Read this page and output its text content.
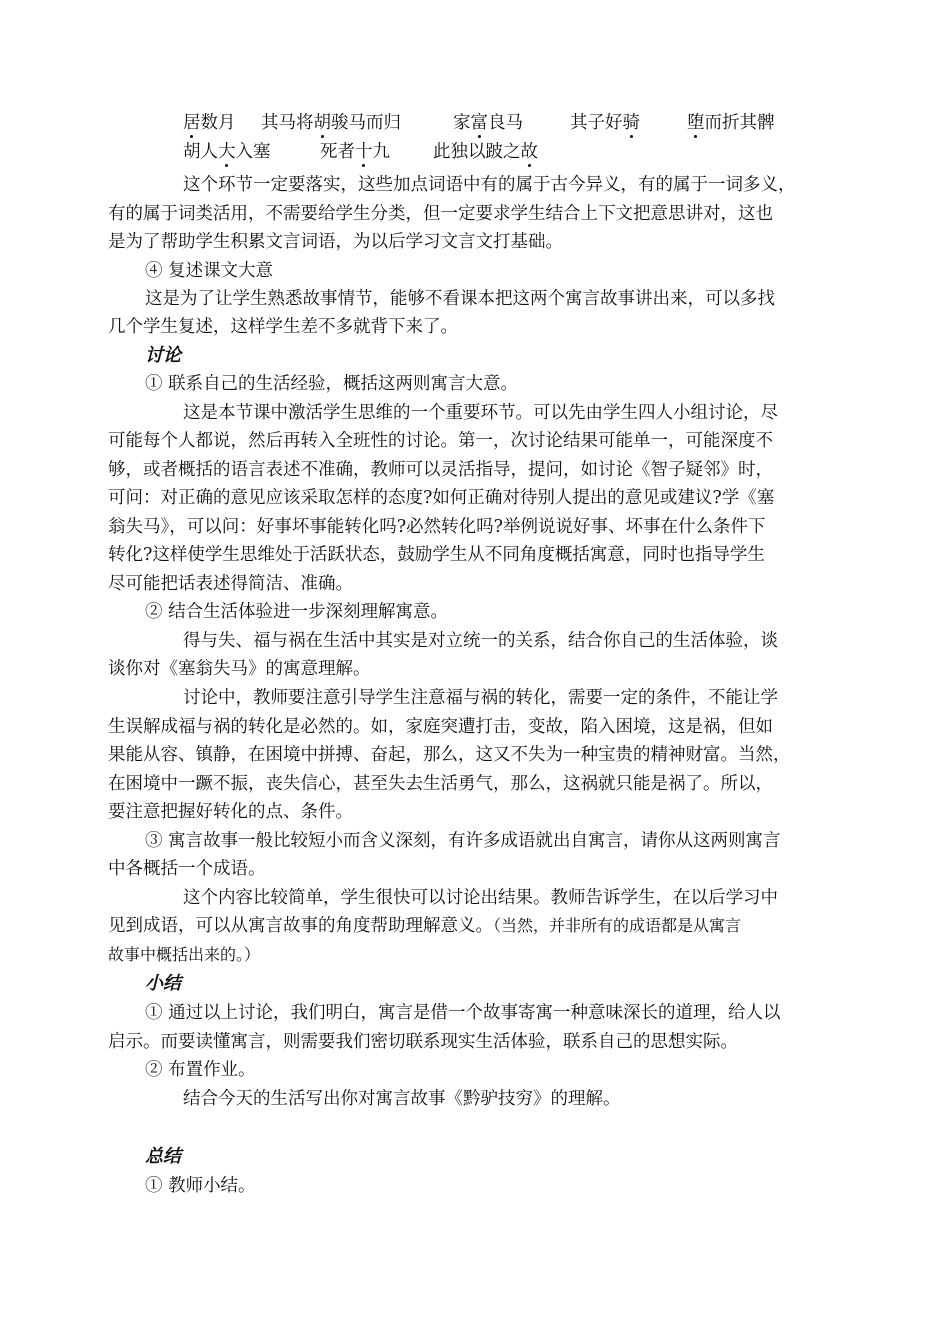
居数月 其马将胡骏马而归	家富良马	其子好骑	堕而折其髀
胡人大入塞	死者十九 此独以跛之故
这个环节一定要落实，这些加点词语中有的属于古今异义，有的属于一词多义，
有的属于词类活用，不需要给学生分类，但一定要求学生结合上下文把意思讲对，这也
是为了帮助学生积累文言词语，为以后学习文言文打基础。
④ 复述课文大意
这是为了让学生熟悉故事情节，能够不看课本把这两个寓言故事讲出来，可以多找
几个学生复述，这样学生差不多就背下来了。
讨论
① 联系自己的生活经验，概括这两则寓言大意。
这是本节课中激活学生思维的一个重要环节。可以先由学生四人小组讨论，尽
可能每个人都说，然后再转入全班性的讨论。第一，次讨论结果可能单一，可能深度不
够，或者概括的语言表述不准确，教师可以灵活指导，提问，如讨论《智子疑邻》时，
可问：对正确的意见应该采取怎样的态度?如何正确对待别人提出的意见或建议?学《塞
翁失马》，可以问：好事坏事能转化吗?必然转化吗?举例说说好事、坏事在什么条件下
转化?这样使学生思维处于活跃状态，鼓励学生从不同角度概括寓意，同时也指导学生
尽可能把话表述得简洁、准确。
② 结合生活体验进一步深刻理解寓意。
得与失、福与祸在生活中其实是对立统一的关系，结合你自己的生活体验，谈
谈你对《塞翁失马》的寓意理解。
讨论中，教师要注意引导学生注意福与祸的转化，需要一定的条件，不能让学
生误解成福与祸的转化是必然的。如，家庭突遭打击，变故，陷入困境，这是祸，但如
果能从容、镇静，在困境中拼搏、奋起，那么，这又不失为一种宝贵的精神财富。当然，
在困境中一蹶不振，丧失信心，甚至失去生活勇气，那么，这祸就只能是祸了。所以，
要注意把握好转化的点、条件。
③ 寓言故事一般比较短小而含义深刻，有许多成语就出自寓言，请你从这两则寓言
中各概括一个成语。
这个内容比较简单，学生很快可以讨论出结果。教师告诉学生，在以后学习中
见到成语，可以从寓言故事的角度帮助理解意义。（当然，并非所有的成语都是从寓言
故事中概括出来的。）
小结
① 通过以上讨论，我们明白，寓言是借一个故事寄寓一种意味深长的道理，给人以
启示。而要读懂寓言，则需要我们密切联系现实生活体验，联系自己的思想实际。
② 布置作业。
结合今天的生活写出你对寓言故事《黔驴技穷》的理解。
总结
① 教师小结。
